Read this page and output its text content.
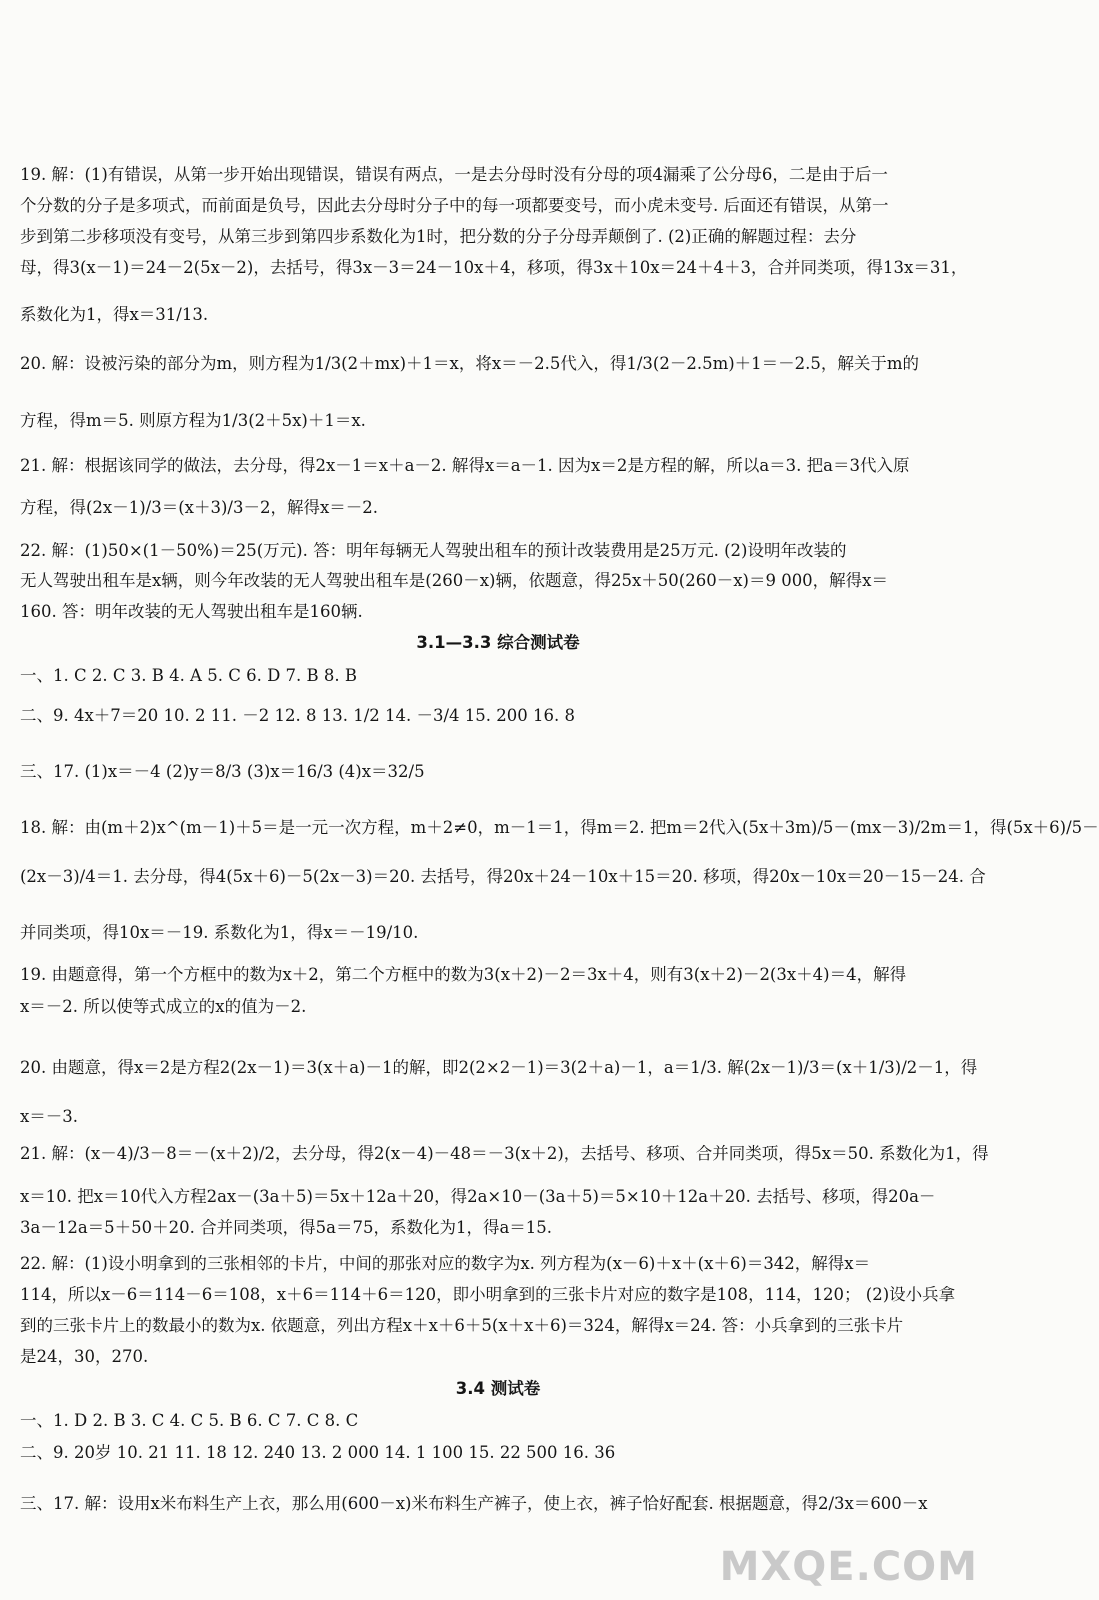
19. 解：(1)有错误，从第一步开始出现错误，错误有两点，一是去分母时没有分母的项4漏乘了公分母6，二是由于后一
个分数的分子是多项式，而前面是负号，因此去分母时分子中的每一项都要变号，而小虎未变号. 后面还有错误，从第一
步到第二步移项没有变号，从第三步到第四步系数化为1时，把分数的分子分母弄颠倒了. (2)正确的解题过程：去分
母，得3(x－1)＝24－2(5x－2)，去括号，得3x－3＝24－10x＋4，移项，得3x＋10x＝24＋4＋3，合并同类项，得13x＝31，
系数化为1，得x＝31/13.
20. 解：设被污染的部分为m，则方程为1/3(2＋mx)＋1＝x，将x＝－2.5代入，得1/3(2－2.5m)＋1＝－2.5，解关于m的
方程，得m＝5. 则原方程为1/3(2＋5x)＋1＝x.
21. 解：根据该同学的做法，去分母，得2x－1＝x＋a－2. 解得x＝a－1. 因为x＝2是方程的解，所以a＝3. 把a＝3代入原
方程，得(2x－1)/3＝(x＋3)/3－2，解得x＝－2.
22. 解：(1)50×(1－50%)＝25(万元). 答：明年每辆无人驾驶出租车的预计改装费用是25万元. (2)设明年改装的
无人驾驶出租车是x辆，则今年改装的无人驾驶出租车是(260－x)辆，依题意，得25x＋50(260－x)＝9 000，解得x＝
160. 答：明年改装的无人驾驶出租车是160辆.
3.1—3.3 综合测试卷
一、1. C 2. C 3. B 4. A 5. C 6. D 7. B 8. B
二、9. 4x＋7＝20 10. 2 11. －2 12. 8 13. 1/2 14. －3/4 15. 200 16. 8
三、17. (1)x＝－4 (2)y＝8/3 (3)x＝16/3 (4)x＝32/5
18. 解：由(m＋2)x^(m－1)＋5＝是一元一次方程，m＋2≠0，m－1＝1，得m＝2. 把m＝2代入(5x＋3m)/5－(mx－3)/2m＝1，得(5x＋6)/5－
(2x－3)/4＝1. 去分母，得4(5x＋6)－5(2x－3)＝20. 去括号，得20x＋24－10x＋15＝20. 移项，得20x－10x＝20－15－24. 合
并同类项，得10x＝－19. 系数化为1，得x＝－19/10.
19. 由题意得，第一个方框中的数为x＋2，第二个方框中的数为3(x＋2)－2＝3x＋4，则有3(x＋2)－2(3x＋4)＝4，解得
x＝－2. 所以使等式成立的x的值为－2.
20. 由题意，得x＝2是方程2(2x－1)＝3(x＋a)－1的解，即2(2×2－1)＝3(2＋a)－1，a＝1/3. 解(2x－1)/3＝(x＋1/3)/2－1，得
x＝－3.
21. 解：(x－4)/3－8＝－(x＋2)/2，去分母，得2(x－4)－48＝－3(x＋2)，去括号、移项、合并同类项，得5x＝50. 系数化为1，得
x＝10. 把x＝10代入方程2ax－(3a＋5)＝5x＋12a＋20，得2a×10－(3a＋5)＝5×10＋12a＋20. 去括号、移项，得20a－
3a－12a＝5＋50＋20. 合并同类项，得5a＝75，系数化为1，得a＝15.
22. 解：(1)设小明拿到的三张相邻的卡片，中间的那张对应的数字为x. 列方程为(x－6)＋x＋(x＋6)＝342，解得x＝
114，所以x－6＝114－6＝108，x＋6＝114＋6＝120，即小明拿到的三张卡片对应的数字是108，114，120； (2)设小兵拿
到的三张卡片上的数最小的数为x. 依题意，列出方程x＋x＋6＋5(x＋x＋6)＝324，解得x＝24. 答：小兵拿到的三张卡片
是24，30，270.
3.4 测试卷
一、1. D 2. B 3. C 4. C 5. B 6. C 7. C 8. C
二、9. 20岁 10. 21 11. 18 12. 240 13. 2 000 14. 1 100 15. 22 500 16. 36
三、17. 解：设用x米布料生产上衣，那么用(600－x)米布料生产裤子，使上衣，裤子恰好配套. 根据题意，得2/3x＝600－x
MXQE.COM
